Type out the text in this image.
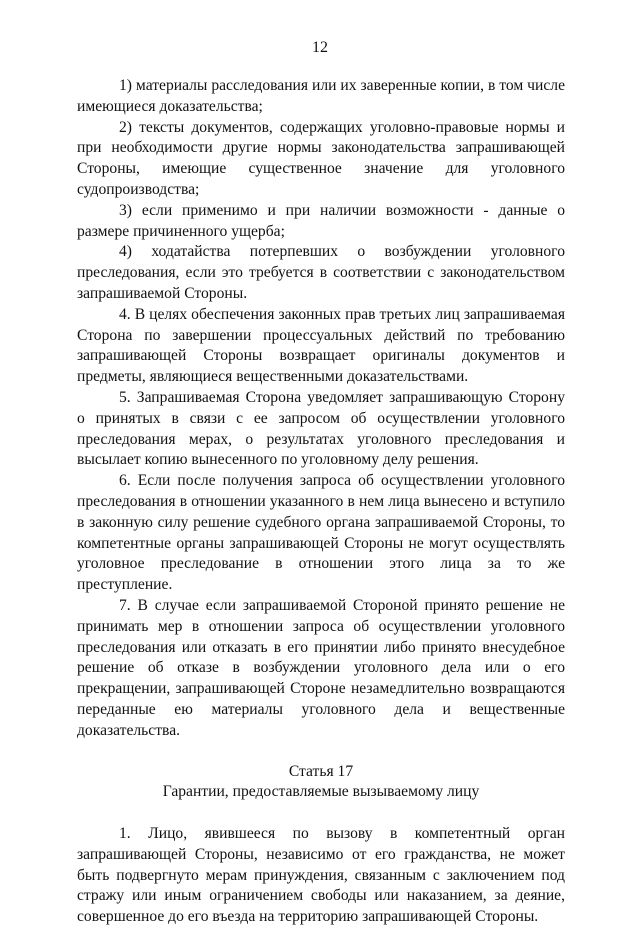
12

1) материалы расследования или их заверенные копии, в том числе имеющиеся доказательства;

2) тексты документов, содержащих уголовно-правовые нормы и при необходимости другие нормы законодательства запрашивающей Стороны, имеющие существенное значение для уголовного судопроизводства;

3) если применимо и при наличии возможности - данные о размере причиненного ущерба;

4) ходатайства потерпевших о возбуждении уголовного преследования, если это требуется в соответствии с законодательством запрашиваемой Стороны.

4. В целях обеспечения законных прав третьих лиц запрашиваемая Сторона по завершении процессуальных действий по требованию запрашивающей Стороны возвращает оригиналы документов и предметы, являющиеся вещественными доказательствами.

5. Запрашиваемая Сторона уведомляет запрашивающую Сторону о принятых в связи с ее запросом об осуществлении уголовного преследования мерах, о результатах уголовного преследования и высылает копию вынесенного по уголовному делу решения.

6. Если после получения запроса об осуществлении уголовного преследования в отношении указанного в нем лица вынесено и вступило в законную силу решение судебного органа запрашиваемой Стороны, то компетентные органы запрашивающей Стороны не могут осуществлять уголовное преследование в отношении этого лица за то же преступление.

7. В случае если запрашиваемой Стороной принято решение не принимать мер в отношении запроса об осуществлении уголовного преследования или отказать в его принятии либо принято внесудебное решение об отказе в возбуждении уголовного дела или о его прекращении, запрашивающей Стороне незамедлительно возвращаются переданные ею материалы уголовного дела и вещественные доказательства.

Статья 17
Гарантии, предоставляемые вызываемому лицу

1. Лицо, явившееся по вызову в компетентный орган запрашивающей Стороны, независимо от его гражданства, не может быть подвергнуто мерам принуждения, связанным с заключением под стражу или иным ограничением свободы или наказанием, за деяние, совершенное до его въезда на территорию запрашивающей Стороны.
